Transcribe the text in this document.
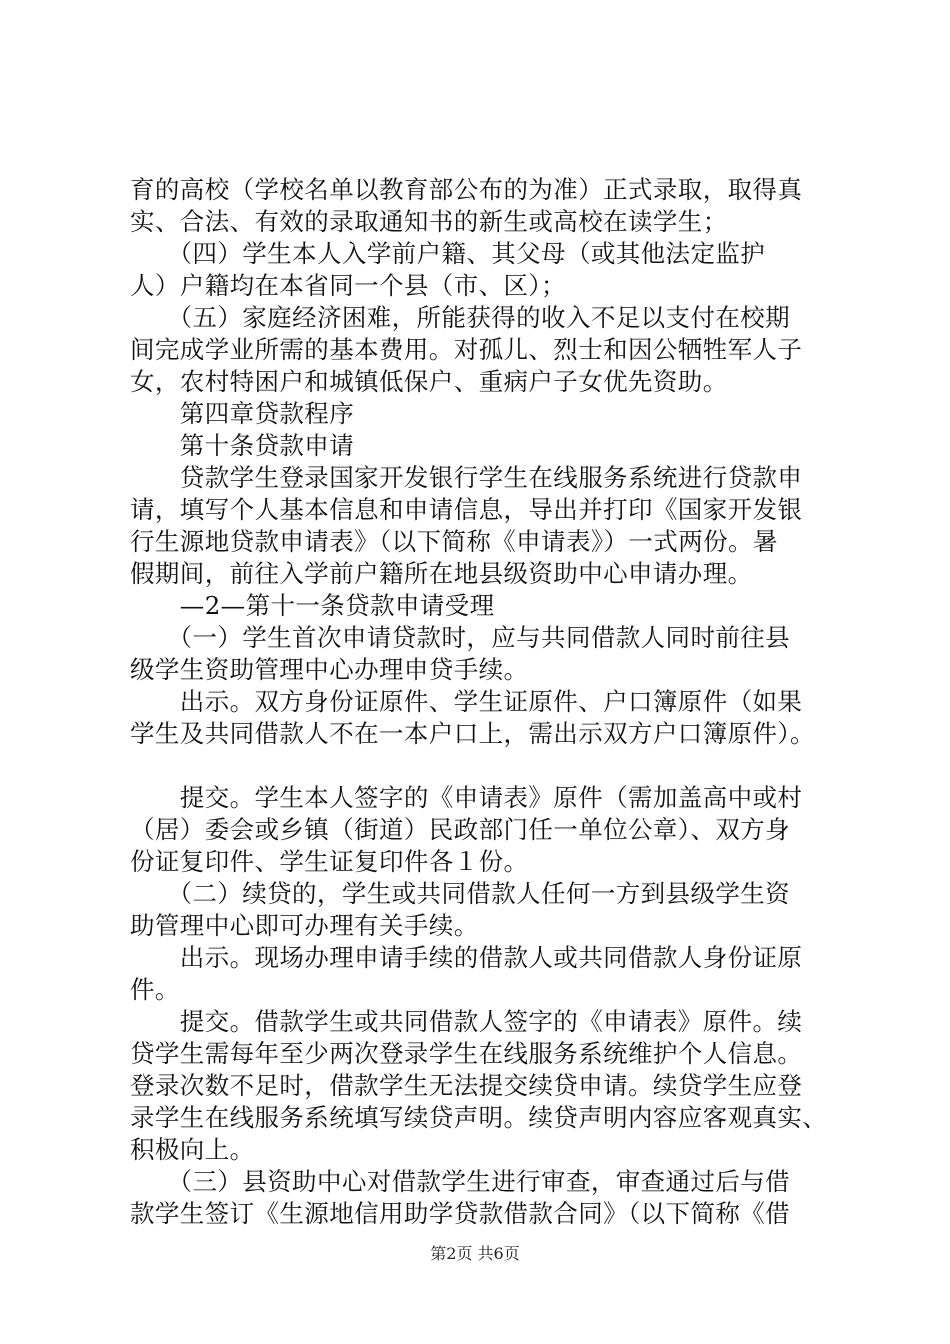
育的高校（学校名单以教育部公布的为准）正式录取，取得真
实、合法、有效的录取通知书的新生或高校在读学生；
　　（四）学生本人入学前户籍、其父母（或其他法定监护
人）户籍均在本省同一个县（市、区）；
　　（五）家庭经济困难，所能获得的收入不足以支付在校期
间完成学业所需的基本费用。对孤儿、烈士和因公牺牲军人子
女，农村特困户和城镇低保户、重病户子女优先资助。
　　第四章贷款程序
　　第十条贷款申请
　　贷款学生登录国家开发银行学生在线服务系统进行贷款申
请，填写个人基本信息和申请信息，导出并打印《国家开发银
行生源地贷款申请表》（以下简称《申请表》）一式两份。暑
假期间，前往入学前户籍所在地县级资助中心申请办理。
　　—2—第十一条贷款申请受理
　　（一）学生首次申请贷款时，应与共同借款人同时前往县
级学生资助管理中心办理申贷手续。
　　出示。双方身份证原件、学生证原件、户口簿原件（如果
学生及共同借款人不在一本户口上，需出示双方户口簿原件）。
　　提交。学生本人签字的《申请表》原件（需加盖高中或村
（居）委会或乡镇（街道）民政部门任一单位公章）、双方身
份证复印件、学生证复印件各１份。
　　（二）续贷的，学生或共同借款人任何一方到县级学生资
助管理中心即可办理有关手续。
　　出示。现场办理申请手续的借款人或共同借款人身份证原
件。
　　提交。借款学生或共同借款人签字的《申请表》原件。续
贷学生需每年至少两次登录学生在线服务系统维护个人信息。
登录次数不足时，借款学生无法提交续贷申请。续贷学生应登
录学生在线服务系统填写续贷声明。续贷声明内容应客观真实、
积极向上。
　　（三）县资助中心对借款学生进行审查，审查通过后与借
款学生签订《生源地信用助学贷款借款合同》（以下简称《借
第2页 共6页
